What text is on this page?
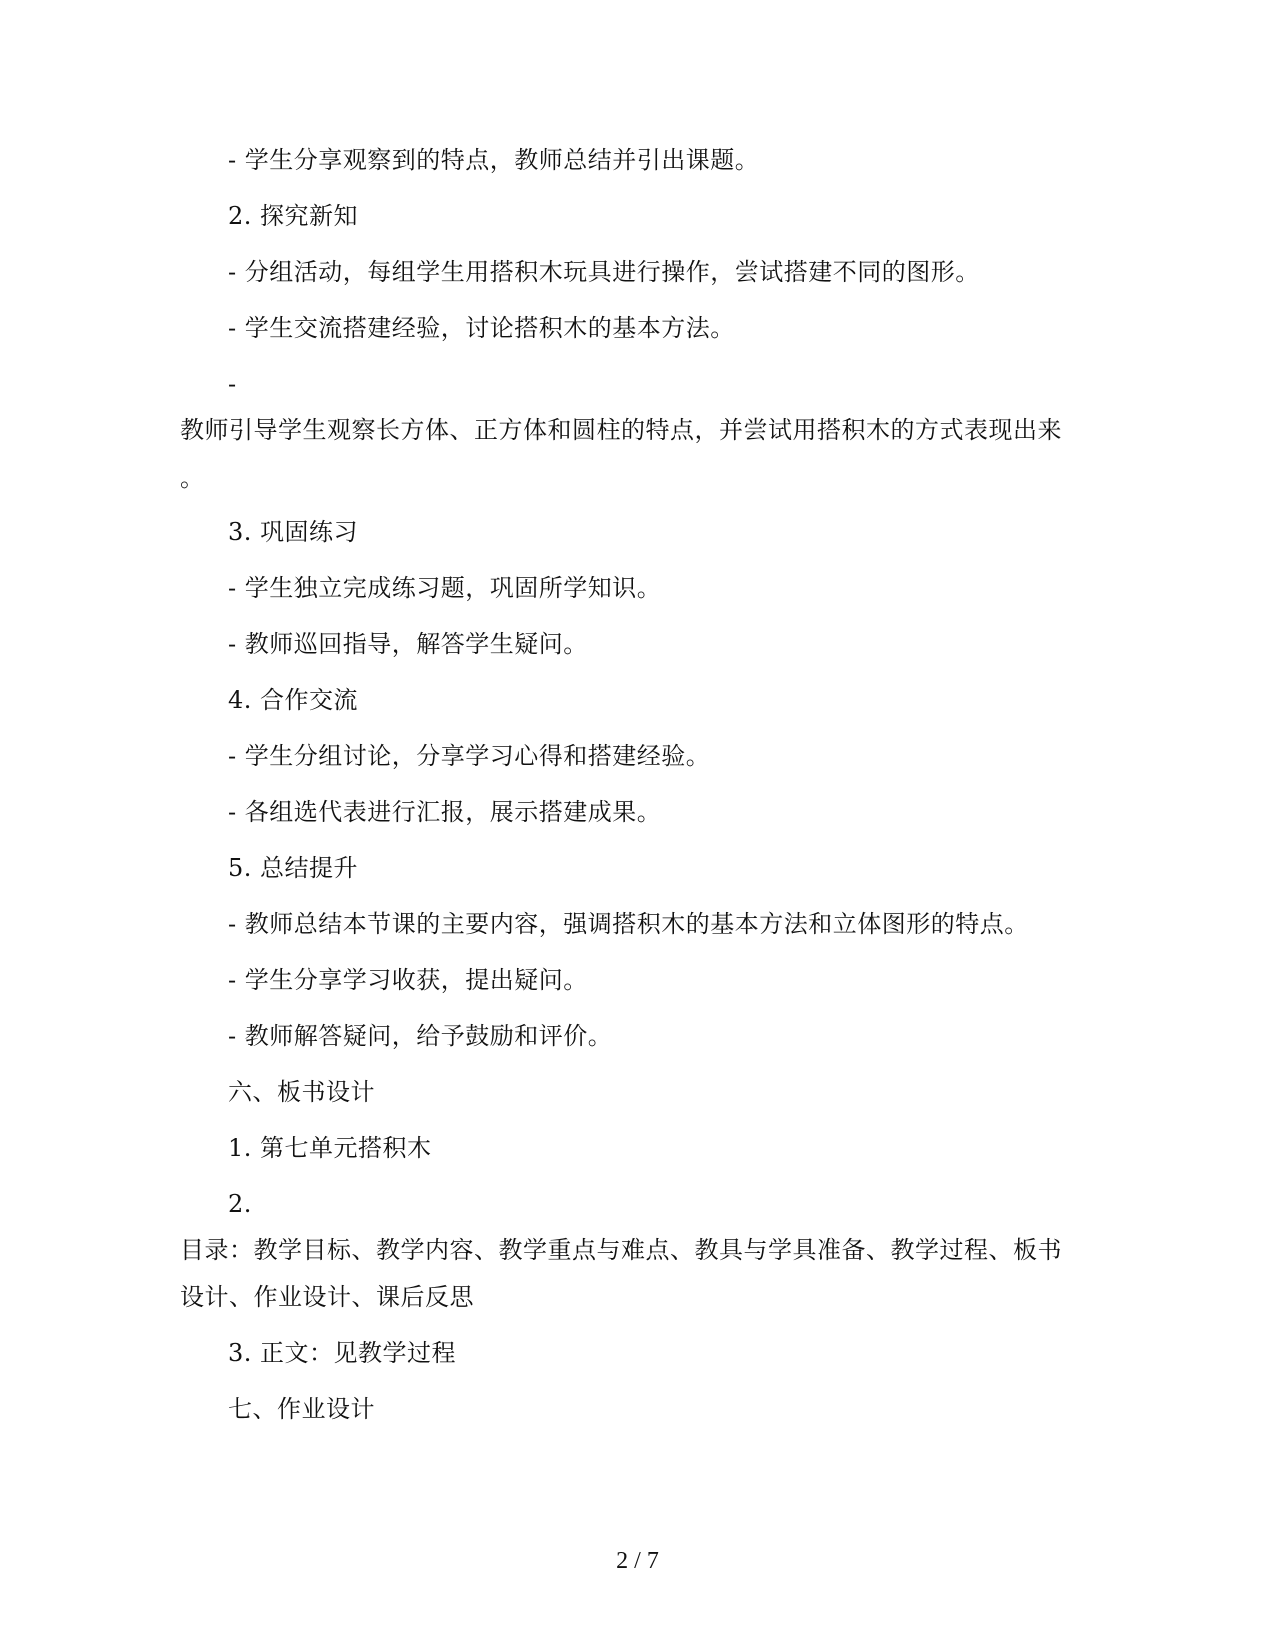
- 学生分享观察到的特点，教师总结并引出课题。
2. 探究新知
- 分组活动，每组学生用搭积木玩具进行操作，尝试搭建不同的图形。
- 学生交流搭建经验，讨论搭积木的基本方法。
-
教师引导学生观察长方体、正方体和圆柱的特点，并尝试用搭积木的方式表现出来
。
3. 巩固练习
- 学生独立完成练习题，巩固所学知识。
- 教师巡回指导，解答学生疑问。
4. 合作交流
- 学生分组讨论，分享学习心得和搭建经验。
- 各组选代表进行汇报，展示搭建成果。
5. 总结提升
- 教师总结本节课的主要内容，强调搭积木的基本方法和立体图形的特点。
- 学生分享学习收获，提出疑问。
- 教师解答疑问，给予鼓励和评价。
六、板书设计
1. 第七单元搭积木
2.
目录：教学目标、教学内容、教学重点与难点、教具与学具准备、教学过程、板书
设计、作业设计、课后反思
3. 正文：见教学过程
七、作业设计
2 / 7
